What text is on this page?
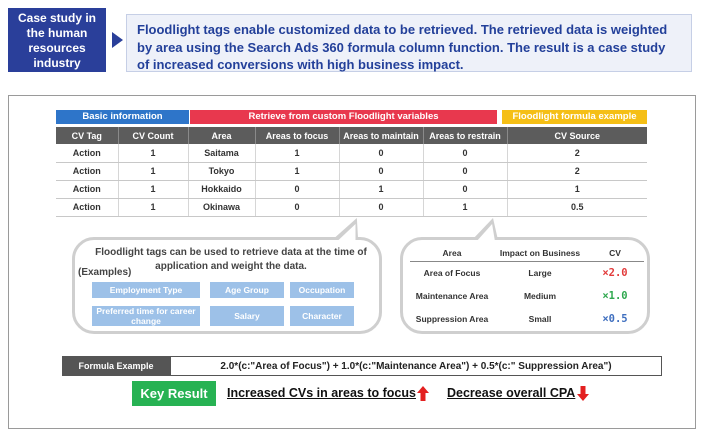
Case study in the human resources industry
Floodlight tags enable customized data to be retrieved. The retrieved data is weighted by area using the Search Ads 360 formula column function. The result is a case study of increased conversions with high business impact.
Basic information	Retrieve from custom Floodlight variables	Floodlight formula example
CV Tag	CV Count	Area	Areas to focus	Areas to maintain	Areas to restrain	CV Source
Action	1	Saitama	1	0	0	2
Action	1	Tokyo	1	0	0	2
Action	1	Hokkaido	0	1	0	1
Action	1	Okinawa	0	0	1	0.5
Floodlight tags can be used to retrieve data at the time of application and weight the data.
(Examples)
Employment Type	Age Group	Occupation
Preferred time for career change	Salary	Character
Area	Impact on Business	CV
Area of Focus	Large	×2.0
Maintenance Area	Medium	×1.0
Suppression Area	Small	×0.5
Formula Example	2.0*(c:"Area of Focus") + 1.0*(c:"Maintenance Area") + 0.5*(c:" Suppression Area")
Key Result	Increased CVs in areas to focus Decrease overall CPA
